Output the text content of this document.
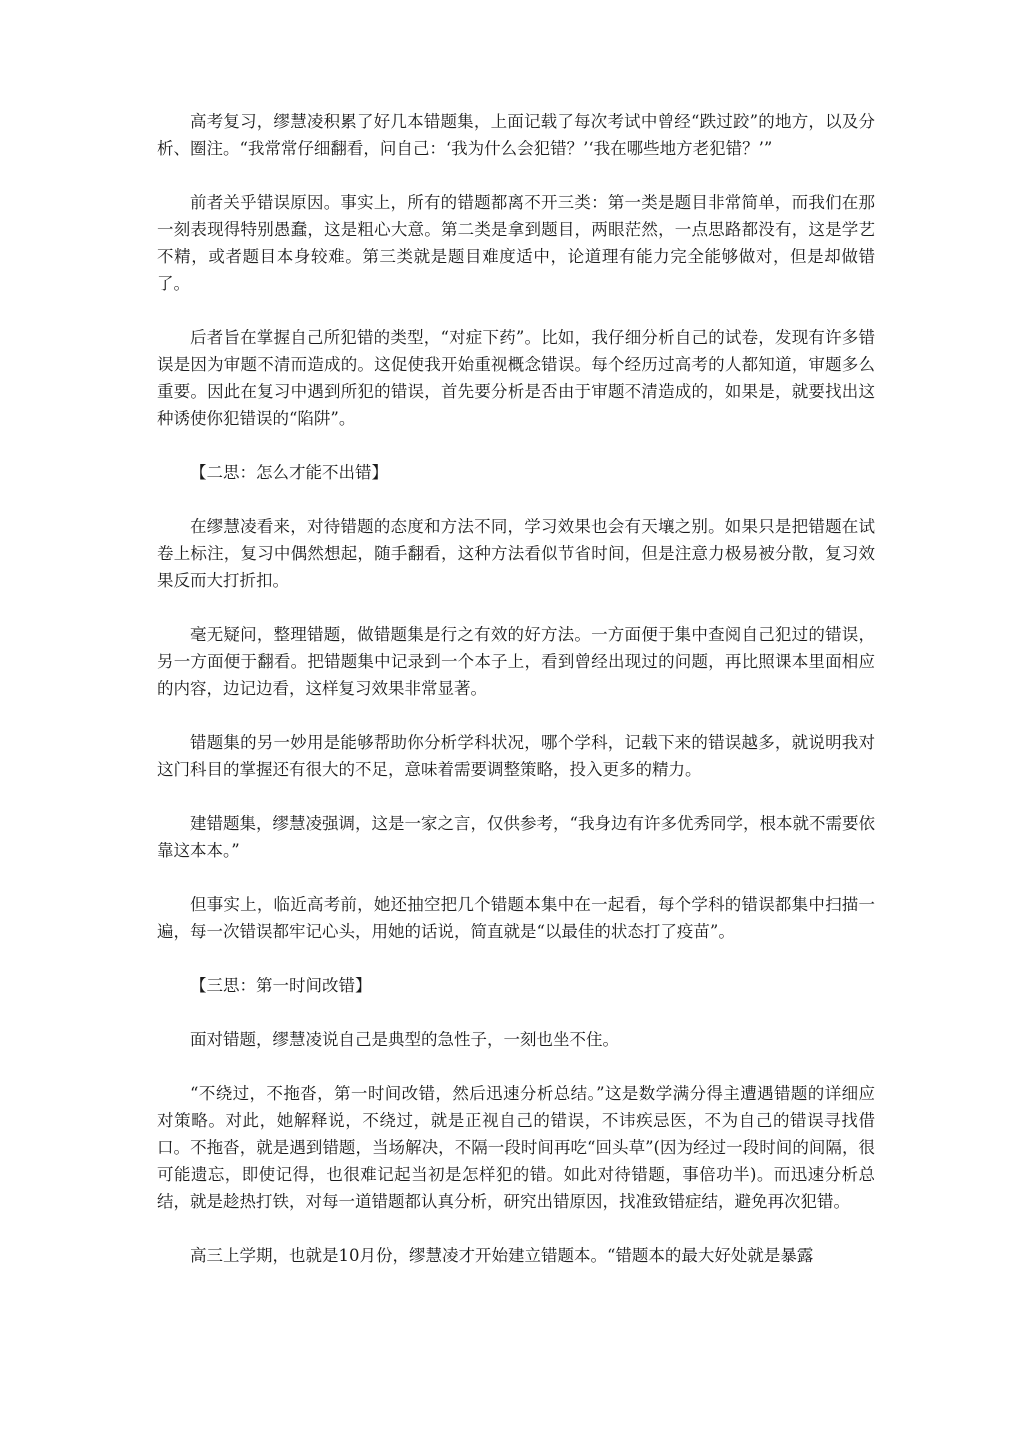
高考复习，缪慧凌积累了好几本错题集，上面记载了每次考试中曾经“跌过跤”的地方，以及分析、圈注。“我常常仔细翻看，问自己：‘我为什么会犯错？’‘我在哪些地方老犯错？’”

前者关乎错误原因。事实上，所有的错题都离不开三类：第一类是题目非常简单，而我们在那一刻表现得特别愚蠢，这是粗心大意。第二类是拿到题目，两眼茫然，一点思路都没有，这是学艺不精，或者题目本身较难。第三类就是题目难度适中，论道理有能力完全能够做对，但是却做错了。

后者旨在掌握自己所犯错的类型，“对症下药”。比如，我仔细分析自己的试卷，发现有许多错误是因为审题不清而造成的。这促使我开始重视概念错误。每个经历过高考的人都知道，审题多么重要。因此在复习中遇到所犯的错误，首先要分析是否由于审题不清造成的，如果是，就要找出这种诱使你犯错误的“陷阱”。

【二思：怎么才能不出错】

在缪慧凌看来，对待错题的态度和方法不同，学习效果也会有天壤之别。如果只是把错题在试卷上标注，复习中偶然想起，随手翻看，这种方法看似节省时间，但是注意力极易被分散，复习效果反而大打折扣。

毫无疑问，整理错题，做错题集是行之有效的好方法。一方面便于集中查阅自己犯过的错误，另一方面便于翻看。把错题集中记录到一个本子上，看到曾经出现过的问题，再比照课本里面相应的内容，边记边看，这样复习效果非常显著。

错题集的另一妙用是能够帮助你分析学科状况，哪个学科，记载下来的错误越多，就说明我对这门科目的掌握还有很大的不足，意味着需要调整策略，投入更多的精力。

建错题集，缪慧凌强调，这是一家之言，仅供参考，“我身边有许多优秀同学，根本就不需要依靠这本本。”

但事实上，临近高考前，她还抽空把几个错题本集中在一起看，每个学科的错误都集中扫描一遍，每一次错误都牢记心头，用她的话说，简直就是“以最佳的状态打了疫苗”。

【三思：第一时间改错】

面对错题，缪慧凌说自己是典型的急性子，一刻也坐不住。

“不绕过，不拖沓，第一时间改错，然后迅速分析总结。”这是数学满分得主遭遇错题的详细应对策略。对此，她解释说，不绕过，就是正视自己的错误，不讳疾忌医，不为自己的错误寻找借口。不拖沓，就是遇到错题，当场解决，不隔一段时间再吃“回头草”(因为经过一段时间的间隔，很可能遗忘，即使记得，也很难记起当初是怎样犯的错。如此对待错题，事倍功半)。而迅速分析总结，就是趁热打铁，对每一道错题都认真分析，研究出错原因，找准致错症结，避免再次犯错。

高三上学期，也就是10月份，缪慧凌才开始建立错题本。“错题本的最大好处就是暴露
